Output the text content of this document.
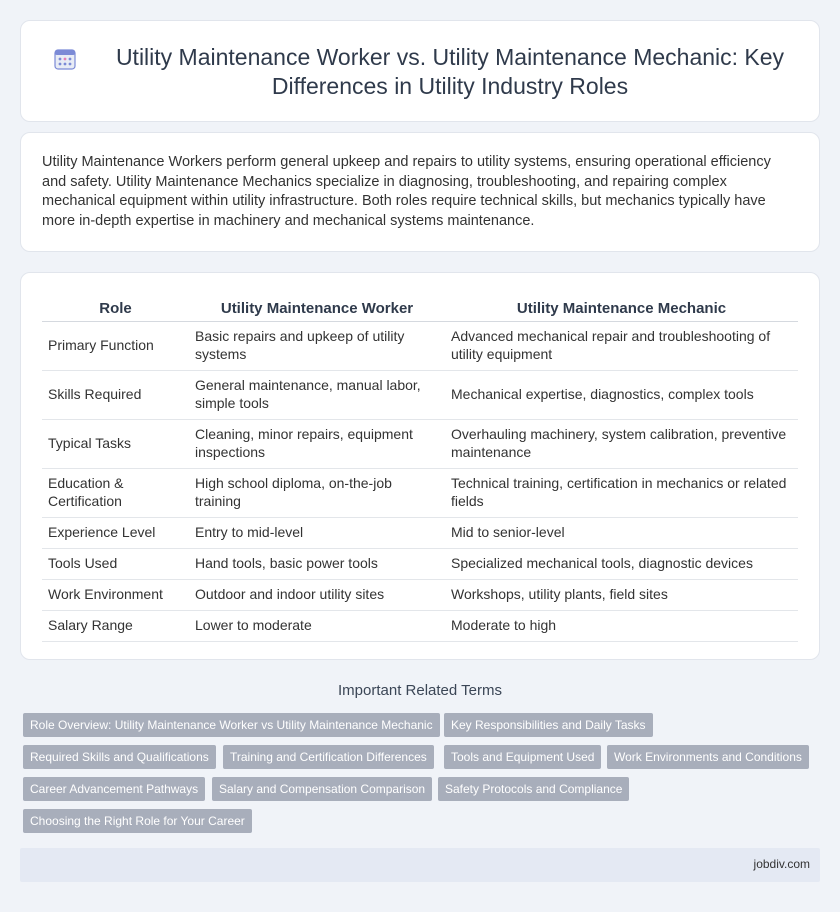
Utility Maintenance Worker vs. Utility Maintenance Mechanic: Key Differences in Utility Industry Roles

Utility Maintenance Workers perform general upkeep and repairs to utility systems, ensuring operational efficiency and safety. Utility Maintenance Mechanics specialize in diagnosing, troubleshooting, and repairing complex mechanical equipment within utility infrastructure. Both roles require technical skills, but mechanics typically have more in-depth expertise in machinery and mechanical systems maintenance.

Role	Utility Maintenance Worker	Utility Maintenance Mechanic
Primary Function	Basic repairs and upkeep of utility systems	Advanced mechanical repair and troubleshooting of utility equipment
Skills Required	General maintenance, manual labor, simple tools	Mechanical expertise, diagnostics, complex tools
Typical Tasks	Cleaning, minor repairs, equipment inspections	Overhauling machinery, system calibration, preventive maintenance
Education & Certification	High school diploma, on-the-job training	Technical training, certification in mechanics or related fields
Experience Level	Entry to mid-level	Mid to senior-level
Tools Used	Hand tools, basic power tools	Specialized mechanical tools, diagnostic devices
Work Environment	Outdoor and indoor utility sites	Workshops, utility plants, field sites
Salary Range	Lower to moderate	Moderate to high
Important Related Terms
Role Overview: Utility Maintenance Worker vs Utility Maintenance Mechanic	Key Responsibilities and Daily Tasks
Required Skills and Qualifications	Training and Certification Differences	Tools and Equipment Used	Work Environments and Conditions
Career Advancement Pathways	Salary and Compensation Comparison	Safety Protocols and Compliance
Choosing the Right Role for Your Career
jobdiv.com
